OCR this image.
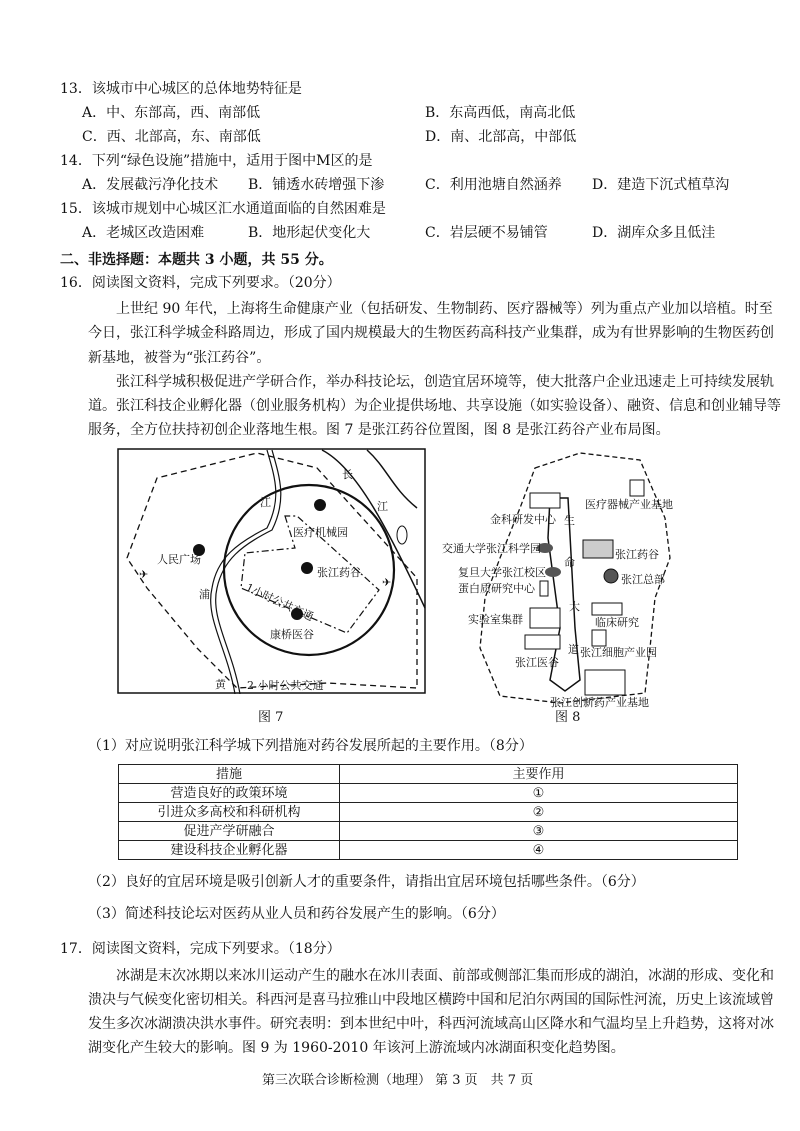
13．该城市中心城区的总体地势特征是
A．中、东部高，西、南部低	B．东高西低，南高北低
C．西、北部高，东、南部低	D．南、北部高，中部低
14．下列“绿色设施”措施中，适用于图中M区的是
A．发展截污净化技术 B．铺透水砖增强下渗	C．利用池塘自然涵养 D．建造下沉式植草沟
15．该城市规划中心城区汇水通道面临的自然困难是
A．老城区改造困难	B．地形起伏变化大	C．岩层硬不易铺管	D．湖库众多且低洼
二、非选择题：本题共 3 小题，共 55 分。
16．阅读图文资料，完成下列要求。（20分）
上世纪 90 年代，上海将生命健康产业（包括研发、生物制药、医疗器械等）列为重点产业加以培植。时至
今日，张江科学城金科路周边，形成了国内规模最大的生物医药高科技产业集群，成为有世界影响的生物医药创
新基地，被誉为“张江药谷”。
张江科学城积极促进产学研合作，举办科技论坛，创造宜居环境等，使大批落户企业迅速走上可持续发展轨
道。张江科技企业孵化器（创业服务机构）为企业提供场地、共享设施（如实验设备）、融资、信息和创业辅导等
服务，全方位扶持初创企业落地生根。图 7 是张江药谷位置图，图 8 是张江药谷产业布局图。
✈
✈
长
江	江
浦
黄
人民广场
医疗机械园
张江药谷
康桥医谷
1小时公共交通
2 小时公共交通
图 7
金科研发中心
交通大学张江科学园
复旦大学张江校区
蛋白质研究中心
实验室集群
张江医谷
医疗器械产业基地
张江药谷
张江总部
临床研究
张江细胞产业园
张江创新药产业基地
生
命
大
道
图 8
（1）对应说明张江科学城下列措施对药谷发展所起的主要作用。（8分）
措施	主要作用
营造良好的政策环境	①
引进众多高校和科研机构	②
促进产学研融合	③
建设科技企业孵化器	④
（2）良好的宜居环境是吸引创新人才的重要条件，请指出宜居环境包括哪些条件。（6分）
（3）简述科技论坛对医药从业人员和药谷发展产生的影响。（6分）
17．阅读图文资料，完成下列要求。（18分）
冰湖是末次冰期以来冰川运动产生的融水在冰川表面、前部或侧部汇集而形成的湖泊，冰湖的形成、变化和
溃决与气候变化密切相关。科西河是喜马拉雅山中段地区横跨中国和尼泊尔两国的国际性河流，历史上该流域曾
发生多次冰湖溃决洪水事件。研究表明：到本世纪中叶，科西河流域高山区降水和气温均呈上升趋势，这将对冰
湖变化产生较大的影响。图 9 为 1960-2010 年该河上游流域内冰湖面积变化趋势图。
第三次联合诊断检测（地理） 第 3 页　共 7 页
